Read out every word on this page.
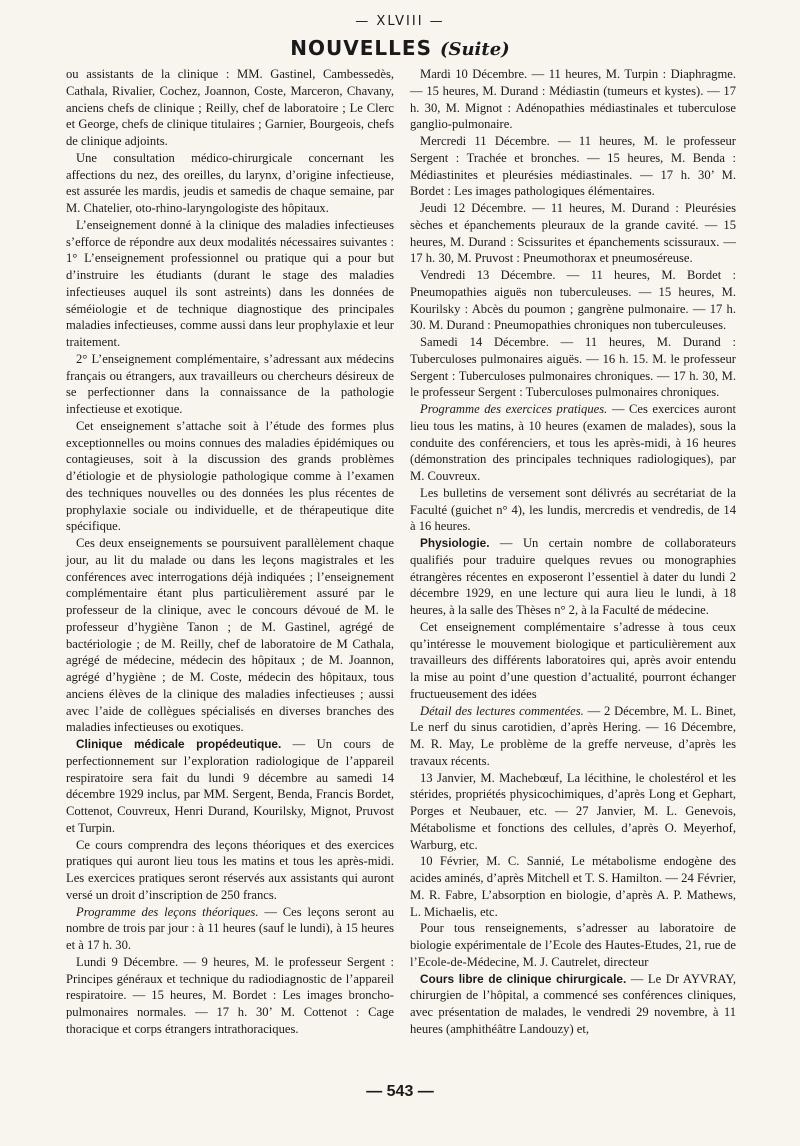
— XLVIII —
NOUVELLES (Suite)

ou assistants de la clinique : MM. Gastinel, Cambessedès, Cathala, Rivalier, Cochez, Joannon, Coste, Marceron, Chavany, anciens chefs de clinique ; Reilly, chef de laboratoire ; Le Clerc et George, chefs de clinique titulaires ; Garnier, Bourgeois, chefs de clinique adjoints.

Une consultation médico-chirurgicale concernant les affections du nez, des oreilles, du larynx, d’origine infectieuse, est assurée les mardis, jeudis et samedis de chaque semaine, par M. Chatelier, oto-rhino-laryngologiste des hôpitaux.

L’enseignement donné à la clinique des maladies infectieuses s’efforce de répondre aux deux modalités nécessaires suivantes : 1° L’enseignement professionnel ou pratique qui a pour but d’instruire les étudiants (durant le stage des maladies infectieuses auquel ils sont astreints) dans les données de séméiologie et de technique diagnostique des principales maladies infectieuses, comme aussi dans leur prophylaxie et leur traitement.

2° L’enseignement complémentaire, s’adressant aux médecins français ou étrangers, aux travailleurs ou chercheurs désireux de se perfectionner dans la connaissance de la pathologie infectieuse et exotique.

Cet enseignement s’attache soit à l’étude des formes plus exceptionnelles ou moins connues des maladies épidémiques ou contagieuses, soit à la discussion des grands problèmes d’étiologie et de physiologie pathologique comme à l’examen des techniques nouvelles ou des données les plus récentes de prophylaxie sociale ou individuelle, et de thérapeutique dite spécifique.

Ces deux enseignements se poursuivent parallèlement chaque jour, au lit du malade ou dans les leçons magistrales et les conférences avec interrogations déjà indiquées ; l’enseignement complémentaire étant plus particulièrement assuré par le professeur de la clinique, avec le concours dévoué de M. le professeur d’hygiène Tanon ; de M. Gastinel, agrégé de bactériologie ; de M. Reilly, chef de laboratoire de M Cathala, agrégé de médecine, médecin des hôpitaux ; de M. Joannon, agrégé d’hygiène ; de M. Coste, médecin des hôpitaux, tous anciens élèves de la clinique des maladies infectieuses ; aussi avec l’aide de collègues spécialisés en diverses branches des maladies infectieuses ou exotiques.

Clinique médicale propédeutique. — Un cours de perfectionnement sur l’exploration radiologique de l’appareil respiratoire sera fait du lundi 9 décembre au samedi 14 décembre 1929 inclus, par MM. Sergent, Benda, Francis Bordet, Cottenot, Couvreux, Henri Durand, Kourilsky, Mignot, Pruvost et Turpin.

Ce cours comprendra des leçons théoriques et des exercices pratiques qui auront lieu tous les matins et tous les après-midi. Les exercices pratiques seront réservés aux assistants qui auront versé un droit d’inscription de 250 francs.

Programme des leçons théoriques. — Ces leçons seront au nombre de trois par jour : à 11 heures (sauf le lundi), à 15 heures et à 17 h. 30.

Lundi 9 Décembre. — 9 heures, M. le professeur Sergent : Principes généraux et technique du radiodiagnostic de l’appareil respiratoire. — 15 heures, M. Bordet : Les images broncho-pulmonaires normales. — 17 h. 30’ M. Cottenot : Cage thoracique et corps étrangers intrathoraciques.

Mardi 10 Décembre. — 11 heures, M. Turpin : Diaphragme. — 15 heures, M. Durand : Médiastin (tumeurs et kystes). — 17 h. 30, M. Mignot : Adénopathies médiastinales et tuberculose ganglio-pulmonaire.

Mercredi 11 Décembre. — 11 heures, M. le professeur Sergent : Trachée et bronches. — 15 heures, M. Benda : Médiastinites et pleurésies médiastinales. — 17 h. 30’ M. Bordet : Les images pathologiques élémentaires.

Jeudi 12 Décembre. — 11 heures, M. Durand : Pleurésies sèches et épanchements pleuraux de la grande cavité. — 15 heures, M. Durand : Scissurites et épanchements scissuraux. — 17 h. 30, M. Pruvost : Pneumothorax et pneumoséreuse.

Vendredi 13 Décembre. — 11 heures, M. Bordet : Pneumopathies aiguës non tuberculeuses. — 15 heures, M. Kourilsky : Abcès du poumon ; gangrène pulmonaire. — 17 h. 30. M. Durand : Pneumopathies chroniques non tuberculeuses.

Samedi 14 Décembre. — 11 heures, M. Durand : Tuberculoses pulmonaires aiguës. — 16 h. 15. M. le professeur Sergent : Tuberculoses pulmonaires chroniques. — 17 h. 30, M. le professeur Sergent : Tuberculoses pulmonaires chroniques.

Programme des exercices pratiques. — Ces exercices auront lieu tous les matins, à 10 heures (examen de malades), sous la conduite des conférenciers, et tous les après-midi, à 16 heures (démonstration des principales techniques radiologiques), par M. Couvreux.

Les bulletins de versement sont délivrés au secrétariat de la Faculté (guichet n° 4), les lundis, mercredis et vendredis, de 14 à 16 heures.

Physiologie. — Un certain nombre de collaborateurs qualifiés pour traduire quelques revues ou monographies étrangères récentes en exposeront l’essentiel à dater du lundi 2 décembre 1929, en une lecture qui aura lieu le lundi, à 18 heures, à la salle des Thèses n° 2, à la Faculté de médecine.

Cet enseignement complémentaire s’adresse à tous ceux qu’intéresse le mouvement biologique et particulièrement aux travailleurs des différents laboratoires qui, après avoir entendu la mise au point d’une question d’actualité, pourront échanger fructueusement des idées

Détail des lectures commentées. — 2 Décembre, M. L. Binet, Le nerf du sinus carotidien, d’après Hering. — 16 Décembre, M. R. May, Le problème de la greffe nerveuse, d’après les travaux récents.

13 Janvier, M. Machebœuf, La lécithine, le cholestérol et les stérides, propriétés physicochimiques, d’après Long et Gephart, Porges et Neubauer, etc. — 27 Janvier, M. L. Genevois, Métabolisme et fonctions des cellules, d’après O. Meyerhof, Warburg, etc.

10 Février, M. C. Sannié, Le métabolisme endogène des acides aminés, d’après Mitchell et T. S. Hamilton. — 24 Février, M. R. Fabre, L’absorption en biologie, d’après A. P. Mathews, L. Michaelis, etc.

Pour tous renseignements, s’adresser au laboratoire de biologie expérimentale de l’Ecole des Hautes-Etudes, 21, rue de l’Ecole-de-Médecine, M. J. Cautrelet, directeur

Cours libre de clinique chirurgicale. — Le Dr AYVRAY, chirurgien de l’hôpital, a commencé ses conférences cliniques, avec présentation de malades, le vendredi 29 novembre, à 11 heures (amphithéâtre Landouzy) et,

— 543 —
